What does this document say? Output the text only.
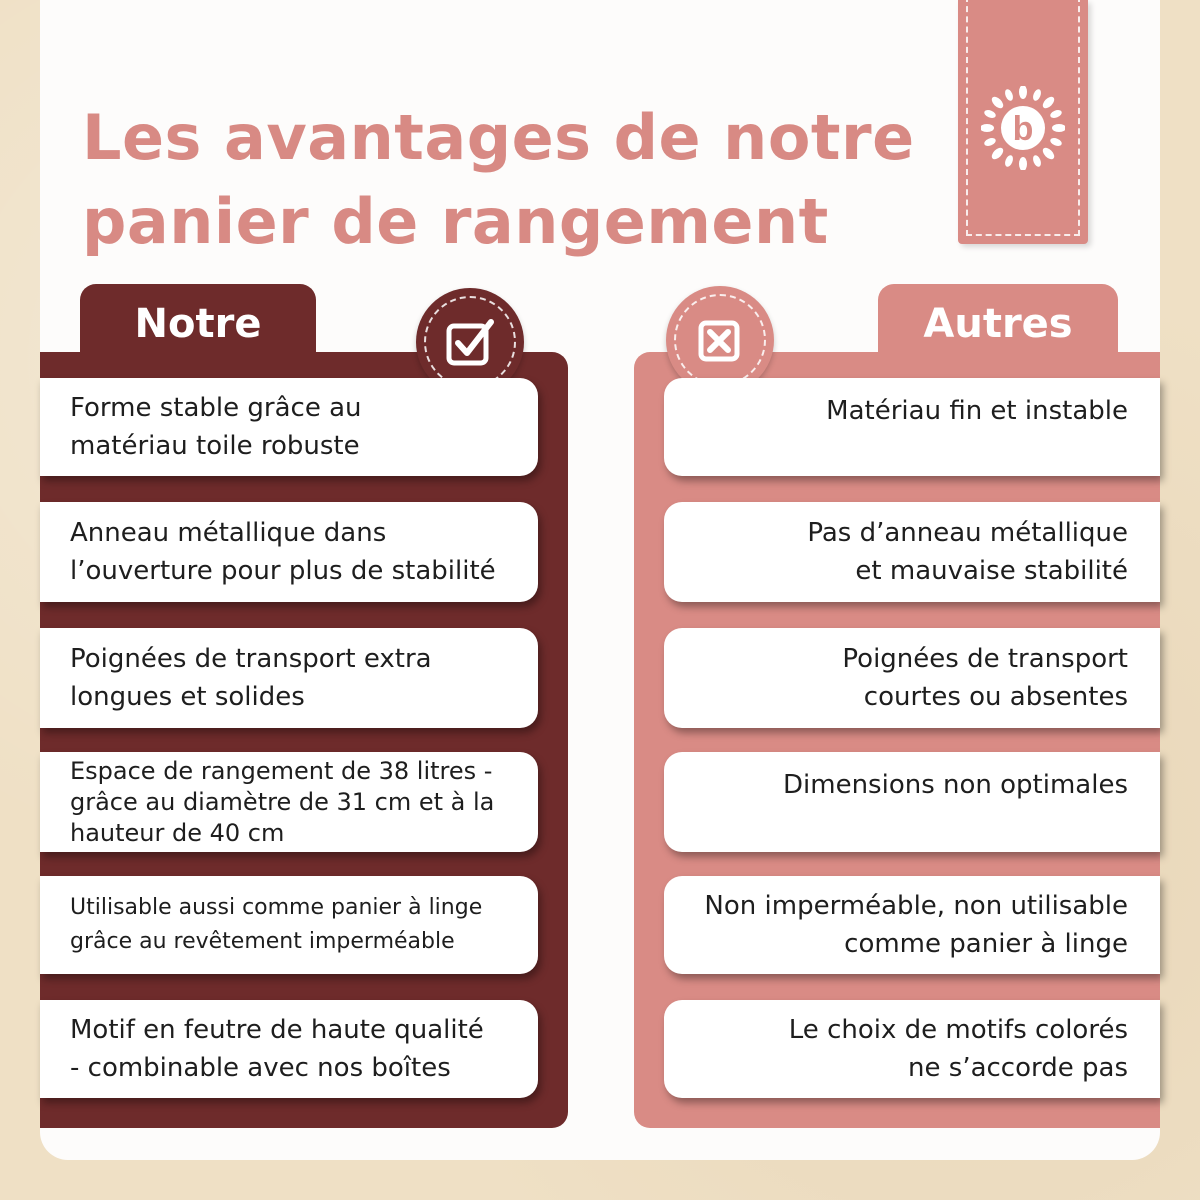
Les avantages de notre
panier de rangement
b
Notre	Autres
Forme stable grâce au
matériau toile robuste
Anneau métallique dans
l’ouverture pour plus de stabilité
Poignées de transport extra
longues et solides
Espace de rangement de 38 litres -
grâce au diamètre de 31 cm et à la
hauteur de 40 cm
Utilisable aussi comme panier à linge
grâce au revêtement imperméable
Motif en feutre de haute qualité
- combinable avec nos boîtes
Matériau fin et instable
Pas d’anneau métallique
et mauvaise stabilité
Poignées de transport
courtes ou absentes
Dimensions non optimales
Non imperméable, non utilisable
comme panier à linge
Le choix de motifs colorés
ne s’accorde pas
